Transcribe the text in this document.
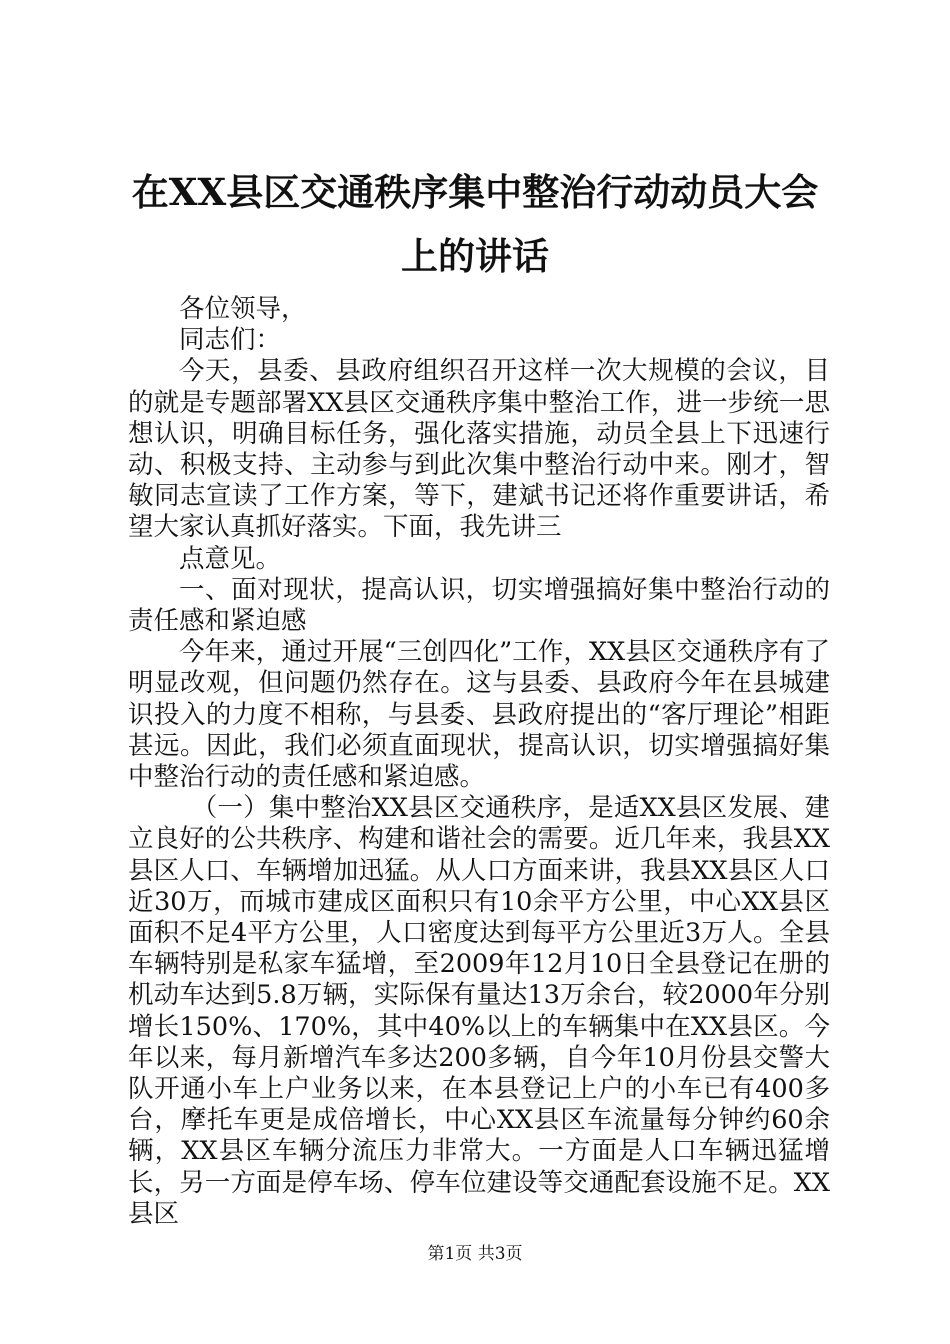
在XX县区交通秩序集中整治行动动员大会上的讲话

各位领导，

同志们：

今天，县委、县政府组织召开这样一次大规模的会议，目的就是专题部署XX县区交通秩序集中整治工作，进一步统一思想认识，明确目标任务，强化落实措施，动员全县上下迅速行动、积极支持、主动参与到此次集中整治行动中来。刚才，智敏同志宣读了工作方案，等下，建斌书记还将作重要讲话，希望大家认真抓好落实。下面，我先讲三

点意见。

一、面对现状，提高认识，切实增强搞好集中整治行动的责任感和紧迫感

今年来，通过开展“三创四化”工作，XX县区交通秩序有了明显改观，但问题仍然存在。这与县委、县政府今年在县城建识投入的力度不相称，与县委、县政府提出的“客厅理论”相距甚远。因此，我们必须直面现状，提高认识，切实增强搞好集中整治行动的责任感和紧迫感。

（一）集中整治XX县区交通秩序，是适XX县区发展、建立良好的公共秩序、构建和谐社会的需要。近几年来，我县XX县区人口、车辆增加迅猛。从人口方面来讲，我县XX县区人口近30万，而城市建成区面积只有10余平方公里，中心XX县区面积不足4平方公里，人口密度达到每平方公里近3万人。全县车辆特别是私家车猛增，至2009年12月10日全县登记在册的机动车达到5.8万辆，实际保有量达13万余台，较2000年分别增长150%、170%，其中40%以上的车辆集中在XX县区。今年以来，每月新增汽车多达200多辆，自今年10月份县交警大队开通小车上户业务以来，在本县登记上户的小车已有400多台，摩托车更是成倍增长，中心XX县区车流量每分钟约60余辆，XX县区车辆分流压力非常大。一方面是人口车辆迅猛增长，另一方面是停车场、停车位建设等交通配套设施不足。XX县区

第1页 共3页
